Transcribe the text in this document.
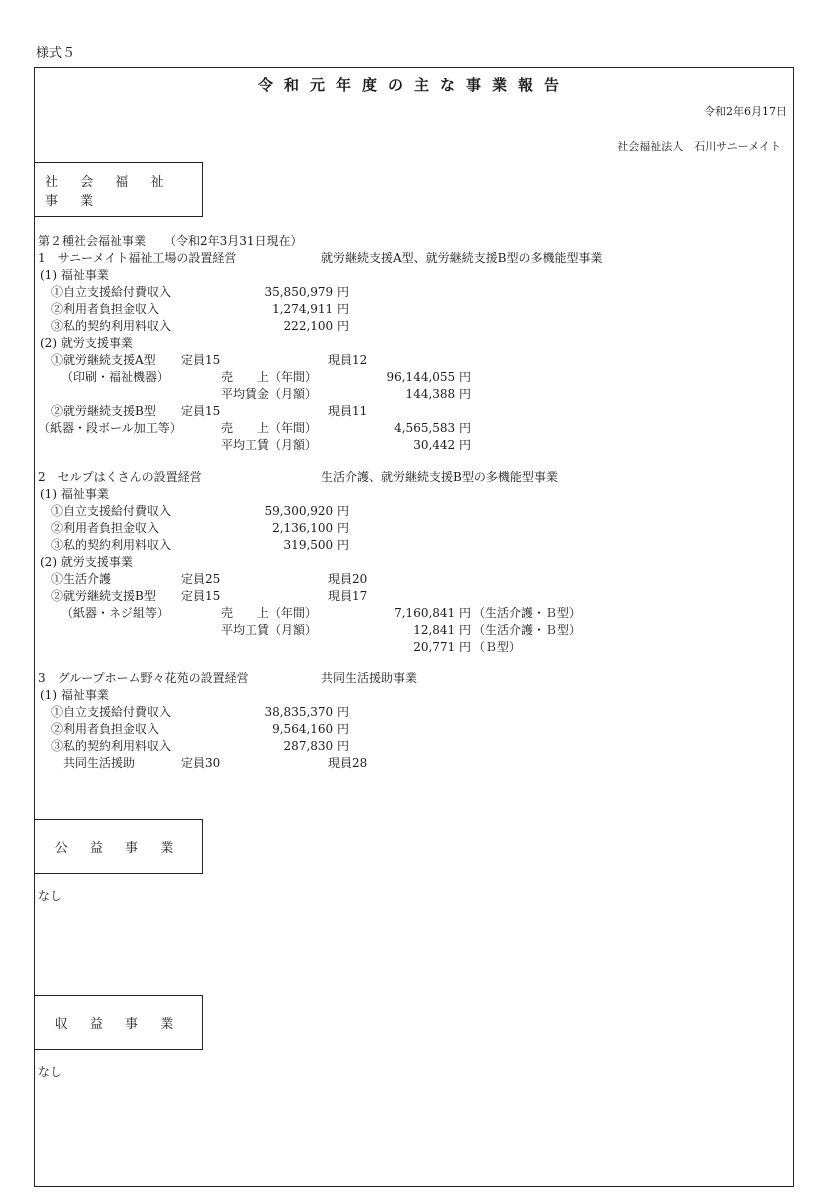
様式５
令和元年度の主な事業報告
令和2年6月17日
社会福祉法人　石川サニーメイト
社 会 福 祉 事 業
第２種社会福祉事業　　（令和2年3月31日現在）
1　サニーメイト福祉工場の設置経営	就労継続支援A型、就労継続支援B型の多機能型事業
(1) 福祉事業
①自立支援給付費収入	35,850,979 円
②利用者負担金収入	1,274,911 円
③私的契約利用料収入	222,100 円
(2) 就労支援事業
①就労継続支援A型 定員15	現員12
（印刷・福祉機器）	売　　上（年間）	96,144,055 円
平均賃金（月額）	144,388 円
②就労継続支援B型 定員15	現員11
（紙器・段ボール加工等）	売　　上（年間）	4,565,583 円
平均工賃（月額）	30,442 円
2　セルプはくさんの設置経営	生活介護、就労継続支援B型の多機能型事業
(1) 福祉事業
①自立支援給付費収入	59,300,920 円
②利用者負担金収入	2,136,100 円
③私的契約利用料収入	319,500 円
(2) 就労支援事業
①生活介護	定員25	現員20
②就労継続支援B型 定員15	現員17
（紙器・ネジ組等）	売　　上（年間）	7,160,841 円 （生活介護・Ｂ型）
平均工賃（月額）	12,841 円 （生活介護・Ｂ型）
20,771 円 （Ｂ型）
3　グループホーム野々花苑の設置経営	共同生活援助事業
(1) 福祉事業
①自立支援給付費収入	38,835,370 円
②利用者負担金収入	9,564,160 円
③私的契約利用料収入	287,830 円
共同生活援助	定員30	現員28
公 益 事 業
なし
収 益 事 業
なし
